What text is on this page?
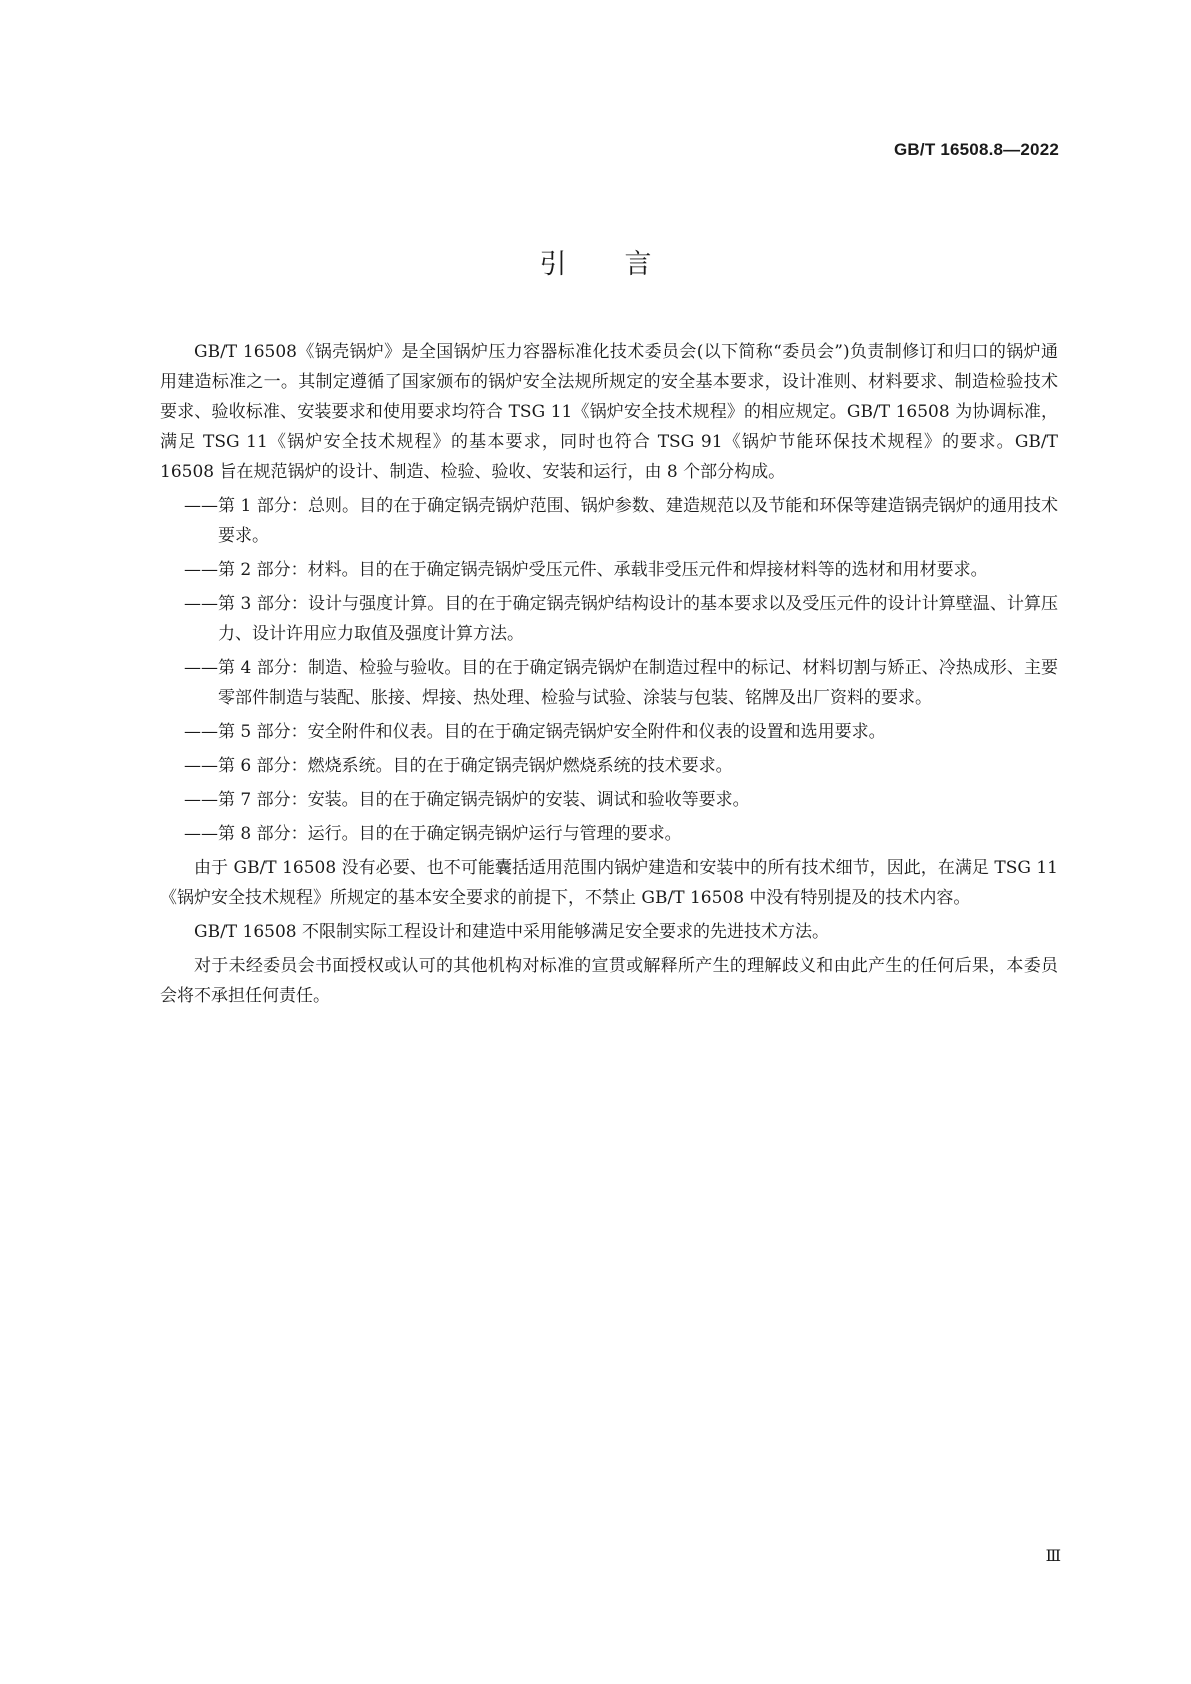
GB/T 16508.8—2022
引言

GB/T 16508《锅壳锅炉》是全国锅炉压力容器标准化技术委员会(以下简称“委员会”)负责制修订和归口的锅炉通用建造标准之一。其制定遵循了国家颁布的锅炉安全法规所规定的安全基本要求，设计准则、材料要求、制造检验技术要求、验收标准、安装要求和使用要求均符合 TSG 11《锅炉安全技术规程》的相应规定。GB/T 16508 为协调标准，满足 TSG 11《锅炉安全技术规程》的基本要求，同时也符合 TSG 91《锅炉节能环保技术规程》的要求。GB/T 16508 旨在规范锅炉的设计、制造、检验、验收、安装和运行，由 8 个部分构成。

——第 1 部分：总则。目的在于确定锅壳锅炉范围、锅炉参数、建造规范以及节能和环保等建造锅壳锅炉的通用技术要求。
——第 2 部分：材料。目的在于确定锅壳锅炉受压元件、承载非受压元件和焊接材料等的选材和用材要求。
——第 3 部分：设计与强度计算。目的在于确定锅壳锅炉结构设计的基本要求以及受压元件的设计计算壁温、计算压力、设计许用应力取值及强度计算方法。
——第 4 部分：制造、检验与验收。目的在于确定锅壳锅炉在制造过程中的标记、材料切割与矫正、冷热成形、主要零部件制造与装配、胀接、焊接、热处理、检验与试验、涂装与包装、铭牌及出厂资料的要求。
——第 5 部分：安全附件和仪表。目的在于确定锅壳锅炉安全附件和仪表的设置和选用要求。
——第 6 部分：燃烧系统。目的在于确定锅壳锅炉燃烧系统的技术要求。
——第 7 部分：安装。目的在于确定锅壳锅炉的安装、调试和验收等要求。
——第 8 部分：运行。目的在于确定锅壳锅炉运行与管理的要求。

由于 GB/T 16508 没有必要、也不可能囊括适用范围内锅炉建造和安装中的所有技术细节，因此，在满足 TSG 11《锅炉安全技术规程》所规定的基本安全要求的前提下，不禁止 GB/T 16508 中没有特别提及的技术内容。

GB/T 16508 不限制实际工程设计和建造中采用能够满足安全要求的先进技术方法。

对于未经委员会书面授权或认可的其他机构对标准的宣贯或解释所产生的理解歧义和由此产生的任何后果，本委员会将不承担任何责任。

Ⅲ
